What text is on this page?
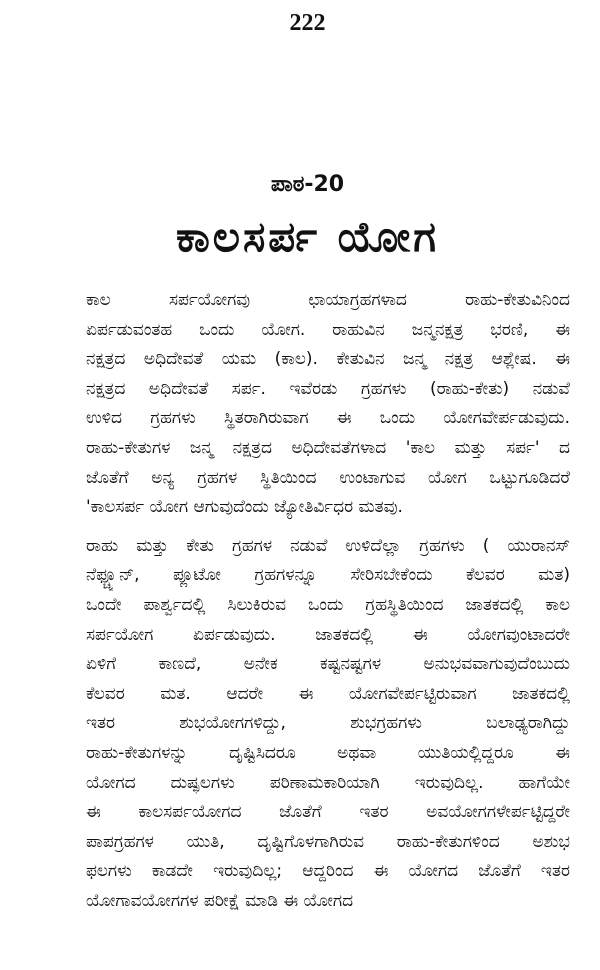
222
ಪಾಠ-20
ಕಾಲಸರ್ಪ ಯೋಗ
ಕಾಲ ಸರ್ಪಯೋಗವು ಛಾಯಾಗ್ರಹಗಳಾದ ರಾಹು-ಕೇತುವಿನಿಂದ
ಏರ್ಪಡುವಂತಹ ಒಂದು ಯೋಗ. ರಾಹುವಿನ ಜನ್ಮನಕ್ಷತ್ರ ಭರಣಿ, ಈ
ನಕ್ಷತ್ರದ ಅಧಿದೇವತೆ ಯಮ (ಕಾಲ). ಕೇತುವಿನ ಜನ್ಮ ನಕ್ಷತ್ರ ಆಶ್ಲೇಷ. ಈ
ನಕ್ಷತ್ರದ ಅಧಿದೇವತೆ ಸರ್ಪ. ಇವೆರಡು ಗ್ರಹಗಳು (ರಾಹು-ಕೇತು) ನಡುವೆ
ಉಳಿದ ಗ್ರಹಗಳು ಸ್ಥಿತರಾಗಿರುವಾಗ ಈ ಒಂದು ಯೋಗವೇರ್ಪಡುವುದು.
ರಾಹು-ಕೇತುಗಳ ಜನ್ಮ ನಕ್ಷತ್ರದ ಅಧಿದೇವತೆಗಳಾದ 'ಕಾಲ ಮತ್ತು ಸರ್ಪ' ದ
ಜೊತೆಗೆ ಅನ್ಯ ಗ್ರಹಗಳ ಸ್ಥಿತಿಯಿಂದ ಉಂಟಾಗುವ ಯೋಗ ಒಟ್ಟುಗೂಡಿದರೆ
'ಕಾಲಸರ್ಪ ಯೋಗ ಆಗುವುದೆಂದು ಜ್ಯೋತಿರ್ವಿಧರ ಮತವು.
ರಾಹು ಮತ್ತು ಕೇತು ಗ್ರಹಗಳ ನಡುವೆ ಉಳಿದೆಲ್ಲಾ ಗ್ರಹಗಳು ( ಯುರಾನಸ್
ನೆಫ್ಚ್ಯೂನ್, ಪ್ಲೂಟೋ ಗ್ರಹಗಳನ್ನೂ ಸೇರಿಸಬೇಕೆಂದು ಕೆಲವರ ಮತ)
ಒಂದೇ ಪಾರ್ಶ್ವದಲ್ಲಿ ಸಿಲುಕಿರುವ ಒಂದು ಗ್ರಹಸ್ಥಿತಿಯಿಂದ ಜಾತಕದಲ್ಲಿ ಕಾಲ
ಸರ್ಪಯೋಗ ಏರ್ಪಡುವುದು. ಜಾತಕದಲ್ಲಿ ಈ ಯೋಗವುಂಟಾದರೇ
ಏಳಿಗೆ ಕಾಣದೆ, ಅನೇಕ ಕಷ್ಟನಷ್ಟಗಳ ಅನುಭವವಾಗುವುದೆಂಬುದು
ಕೆಲವರ ಮತ. ಆದರೇ ಈ ಯೋಗವೇರ್ಪಟ್ಟಿರುವಾಗ ಜಾತಕದಲ್ಲಿ
ಇತರ ಶುಭಯೋಗಗಳಿದ್ದು, ಶುಭಗ್ರಹಗಳು ಬಲಾಢ್ಯರಾಗಿದ್ದು
ರಾಹು-ಕೇತುಗಳನ್ನು ದೃಷ್ಟಿಸಿದರೂ ಅಥವಾ ಯುತಿಯಲ್ಲಿದ್ದರೂ ಈ
ಯೋಗದ ದುಷ್ಫಲಗಳು ಪರಿಣಾಮಕಾರಿಯಾಗಿ ಇರುವುದಿಲ್ಲ. ಹಾಗೆಯೇ
ಈ ಕಾಲಸರ್ಪಯೋಗದ ಜೊತೆಗೆ ಇತರ ಅವಯೋಗಗಳೇರ್ಪಟ್ಟಿದ್ದರೇ
ಪಾಪಗ್ರಹಗಳ ಯುತಿ, ದೃಷ್ಟಿಗೊಳಗಾಗಿರುವ ರಾಹು-ಕೇತುಗಳಿಂದ ಅಶುಭ
ಫಲಗಳು ಕಾಡದೇ ಇರುವುದಿಲ್ಲ; ಆದ್ದರಿಂದ ಈ ಯೋಗದ ಜೊತೆಗೆ ಇತರ
ಯೋಗಾವಯೋಗಗಳ ಪರೀಕ್ಷೆ ಮಾಡಿ ಈ ಯೋಗದ
